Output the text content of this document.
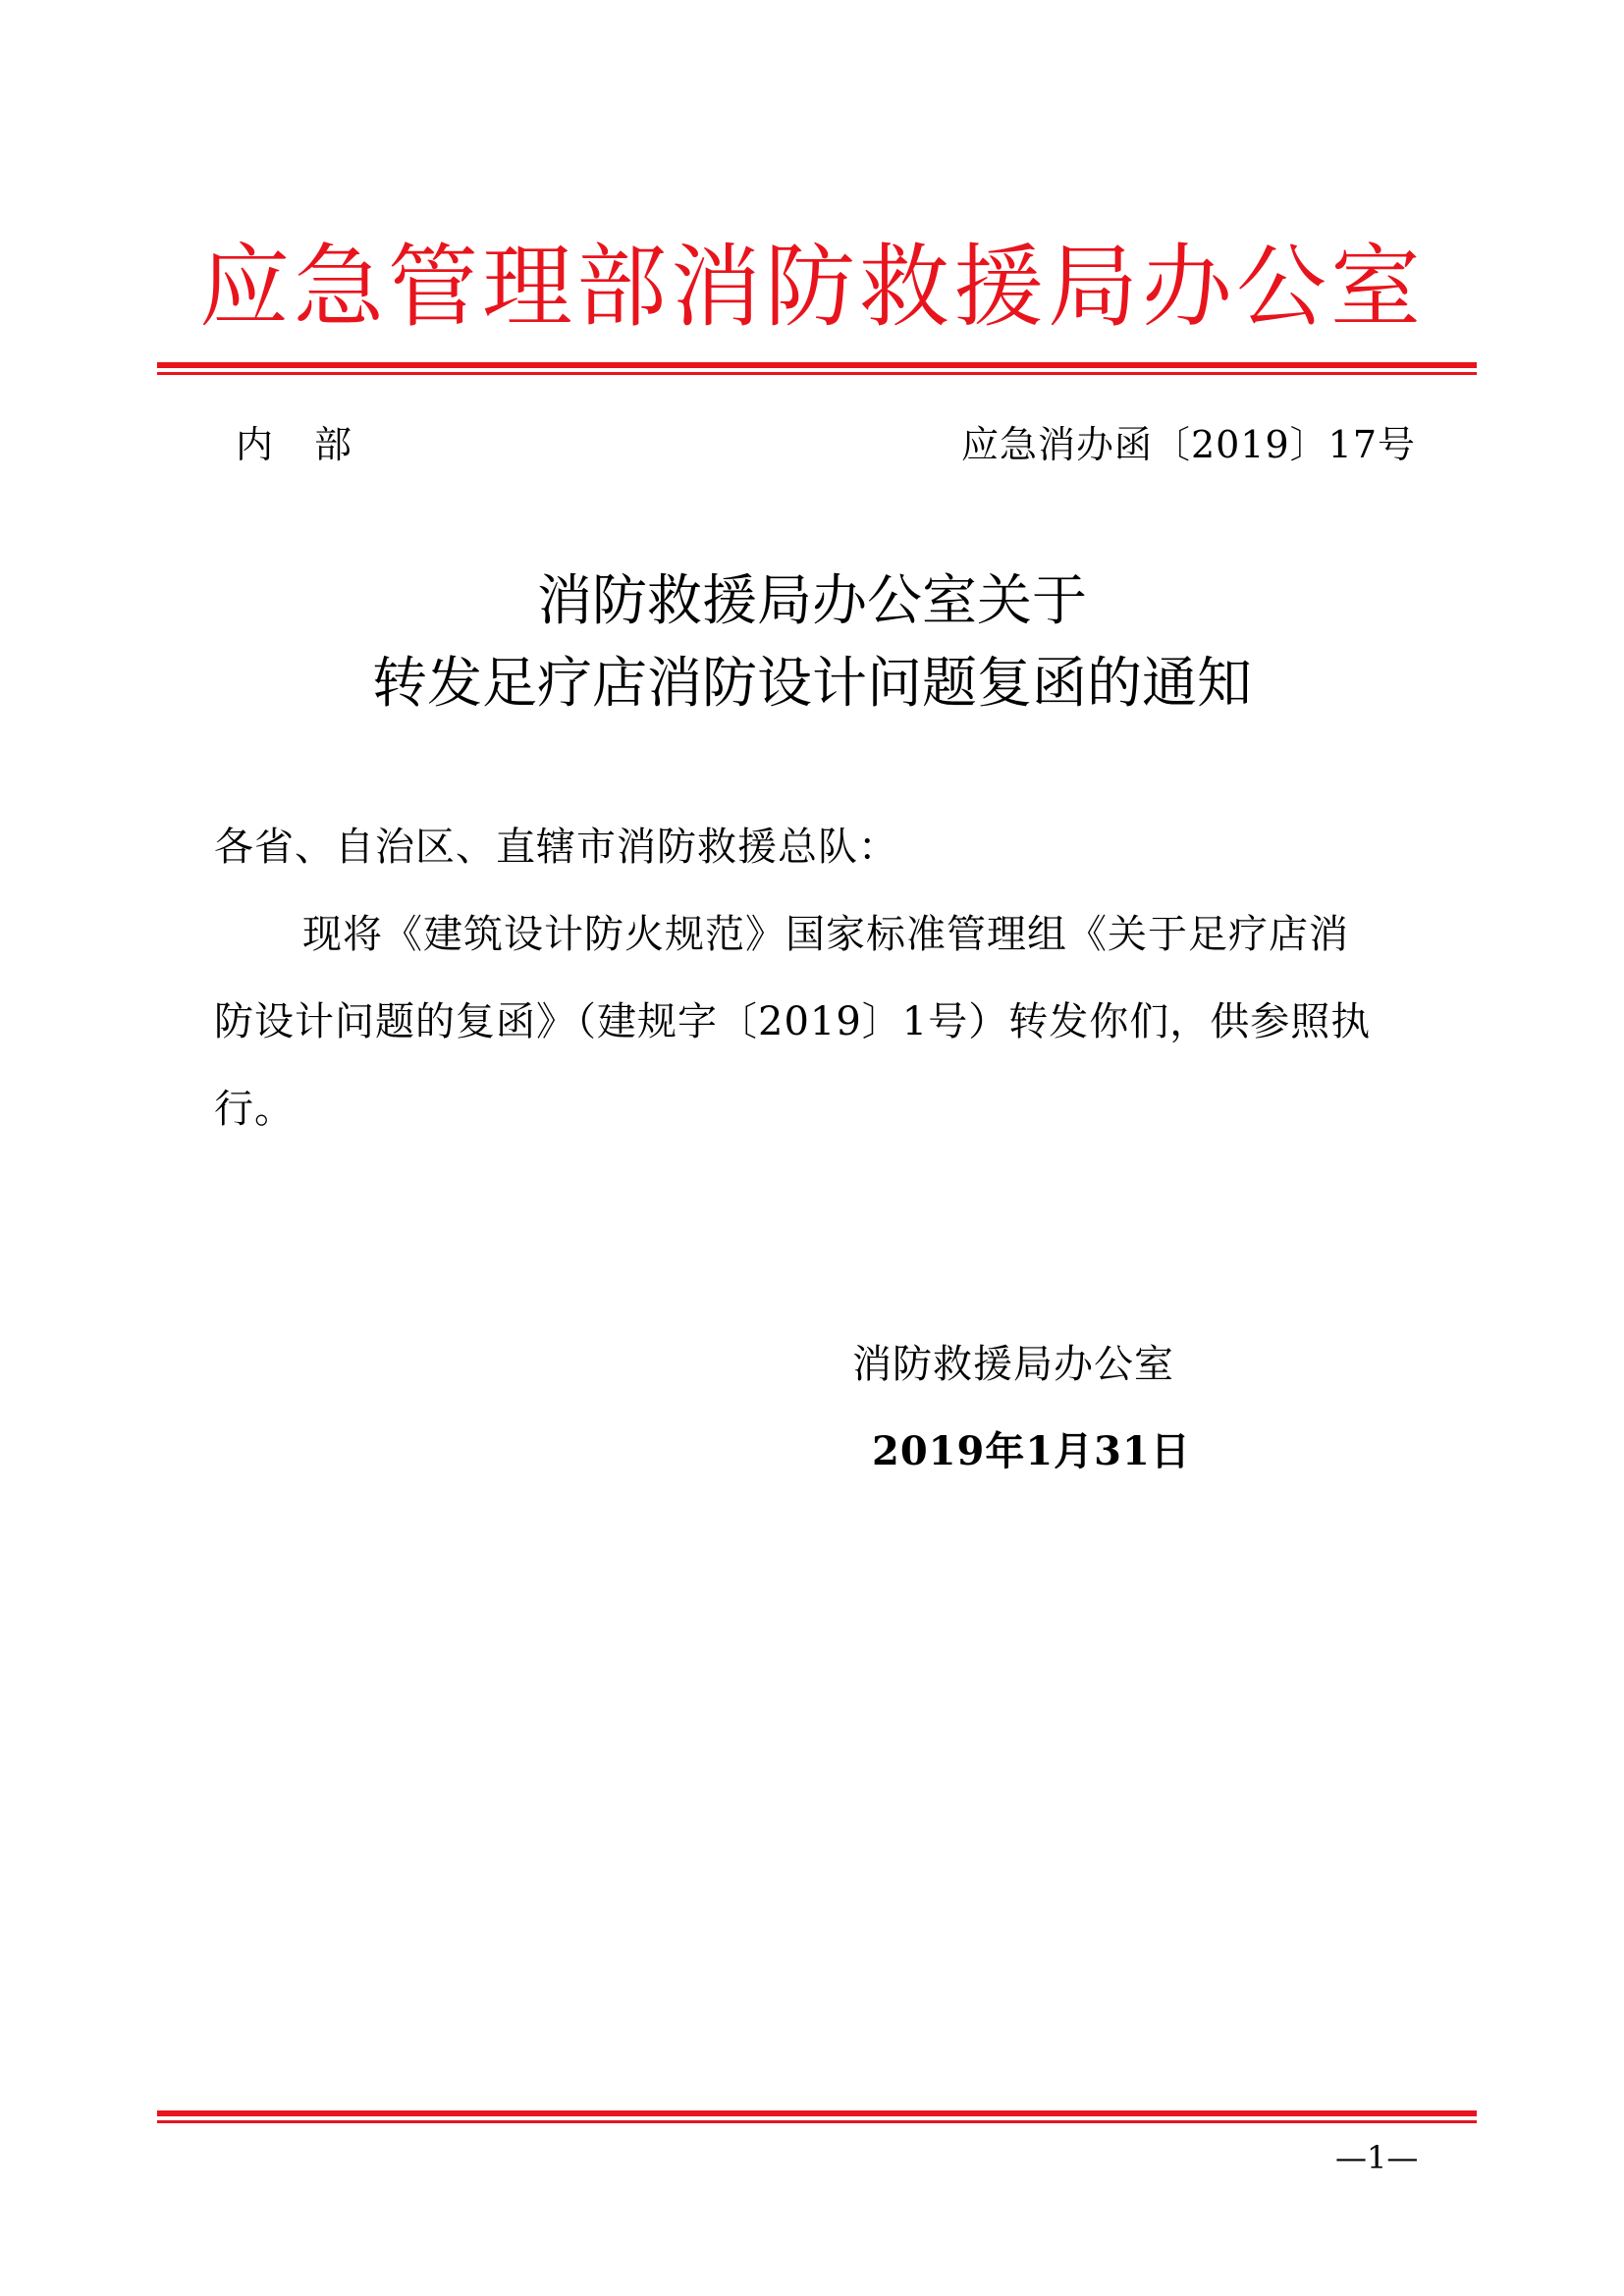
应急管理部消防救援局办公室
内　部	应急消办函〔2019〕17号
消防救援局办公室关于
转发足疗店消防设计问题复函的通知
各省、自治区、直辖市消防救援总队：
现将《建筑设计防火规范》国家标准管理组《关于足疗店消
防设计问题的复函》（建规字〔2019〕1号）转发你们，供参照执
行。
消防救援局办公室
2019年1月31日
—1—
